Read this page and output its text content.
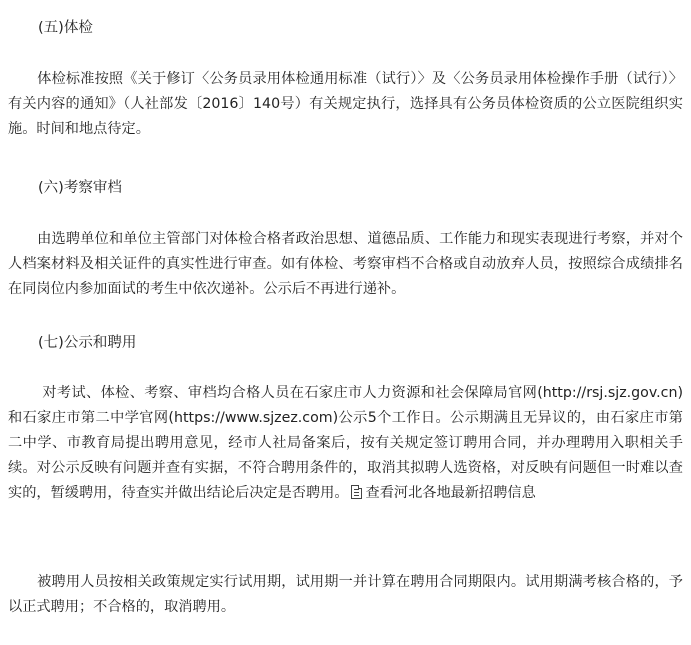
(五)体检
体检标准按照《关于修订〈公务员录用体检通用标准（试行）〉及〈公务员录用体检操作手册（试行）〉有关内容的通知》（人社部发〔2016〕140号）有关规定执行，选择具有公务员体检资质的公立医院组织实施。时间和地点待定。
(六)考察审档
由选聘单位和单位主管部门对体检合格者政治思想、道德品质、工作能力和现实表现进行考察，并对个人档案材料及相关证件的真实性进行审查。如有体检、考察审档不合格或自动放弃人员，按照综合成绩排名在同岗位内参加面试的考生中依次递补。公示后不再进行递补。
(七)公示和聘用
对考试、体检、考察、审档均合格人员在石家庄市人力资源和社会保障局官网(http://rsj.sjz.gov.cn)和石家庄市第二中学官网(https://www.sjzez.com)公示5个工作日。公示期满且无异议的，由石家庄市第二中学、市教育局提出聘用意见，经市人社局备案后，按有关规定签订聘用合同，并办理聘用入职相关手续。对公示反映有问题并查有实据，不符合聘用条件的，取消其拟聘人选资格，对反映有问题但一时难以查实的，暂缓聘用，待查实并做出结论后决定是否聘用。 查看河北各地最新招聘信息
被聘用人员按相关政策规定实行试用期，试用期一并计算在聘用合同期限内。试用期满考核合格的，予以正式聘用；不合格的，取消聘用。
